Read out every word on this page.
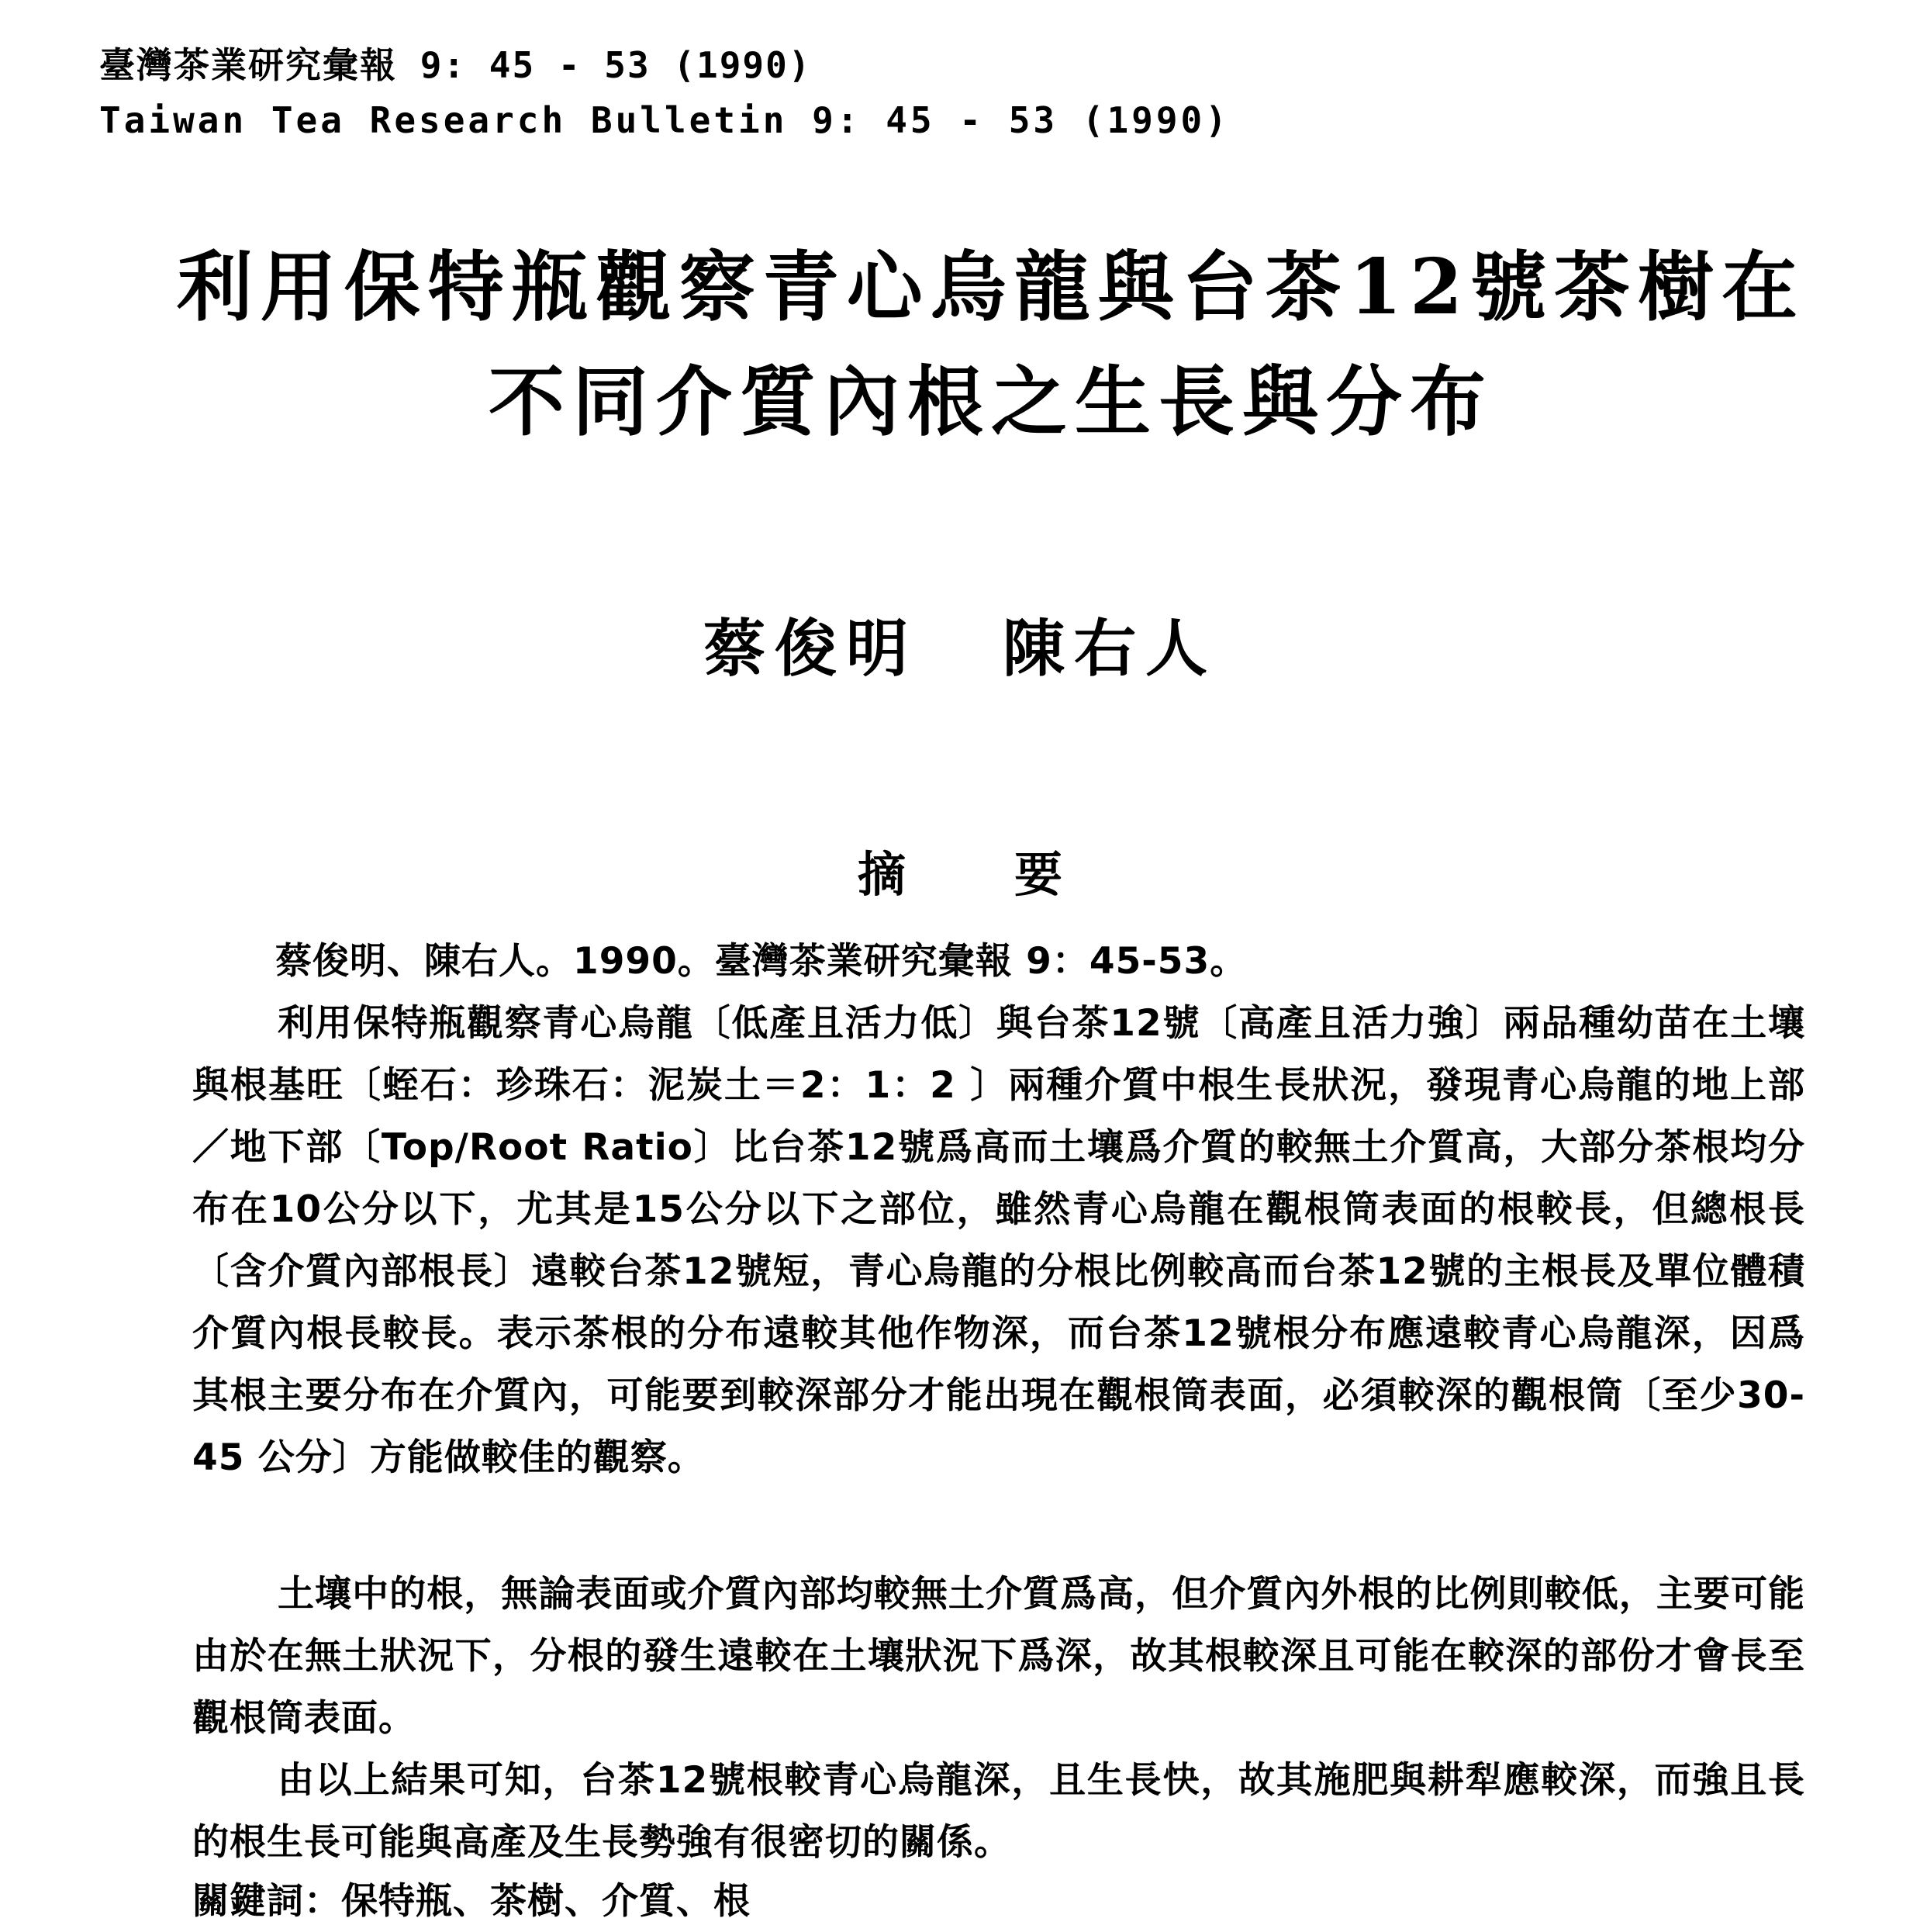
臺灣茶業研究彙報 9: 45 - 53 (1990)
Taiwan Tea Research Bulletin 9: 45 - 53 (1990)
利用保特瓶觀察青心烏龍與台茶12號茶樹在
不同介質內根之生長與分布
蔡俊明 陳右人
摘要
蔡俊明、陳右人。1990。臺灣茶業研究彙報 9：45-53。

利用保特瓶觀察青心烏龍〔低產且活力低〕與台茶12號〔高產且活力強〕兩品種幼苗在土壤與根基旺〔蛭石：珍珠石：泥炭土＝2：1：2 〕兩種介質中根生長狀況，發現青心烏龍的地上部／地下部〔Top/Root Ratio〕比台茶12號爲高而土壤爲介質的較無土介質高，大部分茶根均分布在10公分以下，尤其是15公分以下之部位，雖然青心烏龍在觀根筒表面的根較長，但總根長〔含介質內部根長〕遠較台茶12號短，青心烏龍的分根比例較高而台茶12號的主根長及單位體積介質內根長較長。表示茶根的分布遠較其他作物深，而台茶12號根分布應遠較青心烏龍深，因爲其根主要分布在介質內，可能要到較深部分才能出現在觀根筒表面，必須較深的觀根筒〔至少30-45 公分〕方能做較佳的觀察。

土壤中的根，無論表面或介質內部均較無土介質爲高，但介質內外根的比例則較低，主要可能由於在無土狀況下，分根的發生遠較在土壤狀況下爲深，故其根較深且可能在較深的部份才會長至觀根筒表面。

由以上結果可知，台茶12號根較青心烏龍深，且生長快，故其施肥與耕犁應較深，而強且長的根生長可能與高產及生長勢強有很密切的關係。

關鍵詞：保特瓶、茶樹、介質、根
